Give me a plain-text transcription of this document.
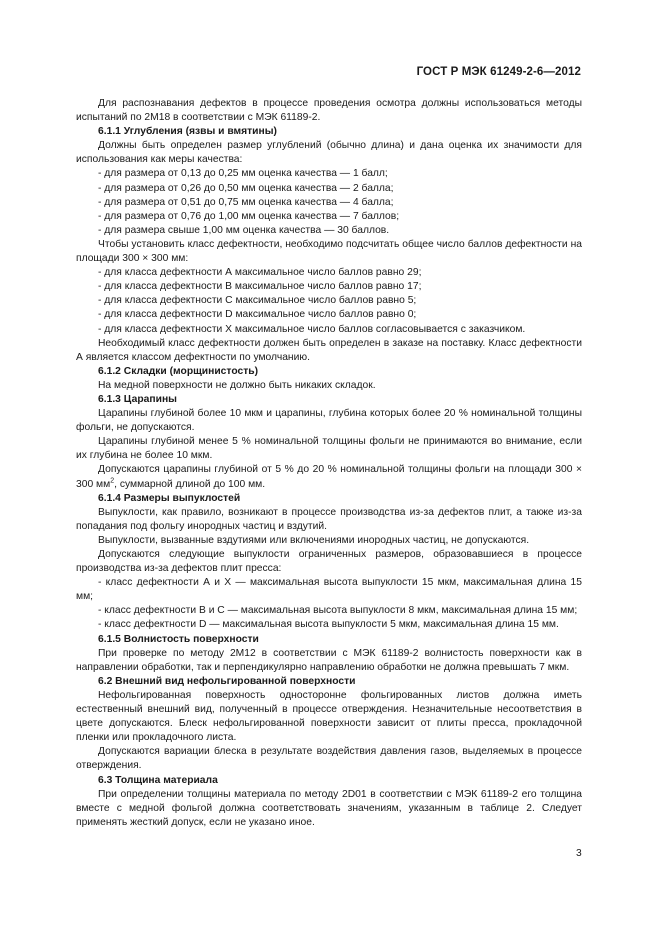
ГОСТ Р МЭК 61249-2-6—2012

Для распознавания дефектов в процессе проведения осмотра должны использоваться методы испытаний по 2М18 в соответствии с МЭК 61189-2.

6.1.1 Углубления (язвы и вмятины)

Должны быть определен размер углублений (обычно длина) и дана оценка их значимости для использования как меры качества:

- для размера от 0,13 до 0,25 мм оценка качества — 1 балл;

- для размера от 0,26 до 0,50 мм оценка качества — 2 балла;

- для размера от 0,51 до 0,75 мм оценка качества — 4 балла;

- для размера от 0,76 до 1,00 мм оценка качества — 7 баллов;

- для размера свыше 1,00 мм оценка качества — 30 баллов.

Чтобы установить класс дефектности, необходимо подсчитать общее число баллов дефектности на площади 300 × 300 мм:

- для класса дефектности А максимальное число баллов равно 29;

- для класса дефектности В максимальное число баллов равно 17;

- для класса дефектности С максимальное число баллов равно 5;

- для класса дефектности D максимальное число баллов равно 0;

- для класса дефектности X максимальное число баллов согласовывается с заказчиком.

Необходимый класс дефектности должен быть определен в заказе на поставку. Класс дефектности А является классом дефектности по умолчанию.

6.1.2 Складки (морщинистость)

На медной поверхности не должно быть никаких складок.

6.1.3 Царапины

Царапины глубиной более 10 мкм и царапины, глубина которых более 20 % номинальной толщины фольги, не допускаются.

Царапины глубиной менее 5 % номинальной толщины фольги не принимаются во внимание, если их глубина не более 10 мкм.

Допускаются царапины глубиной от 5 % до 20 % номинальной толщины фольги на площади 300 × 300 $мм^2$, суммарной длиной до 100 мм.

6.1.4 Размеры выпуклостей

Выпуклости, как правило, возникают в процессе производства из-за дефектов плит, а также из-за попадания под фольгу инородных частиц и вздутий.

Выпуклости, вызванные вздутиями или включениями инородных частиц, не допускаются.

Допускаются следующие выпуклости ограниченных размеров, образовавшиеся в процессе производства из-за дефектов плит пресса:

- класс дефектности А и X — максимальная высота выпуклости 15 мкм, максимальная длина 15 мм;

- класс дефектности В и С — максимальная высота выпуклости 8 мкм, максимальная длина 15 мм;

- класс дефектности D — максимальная высота выпуклости 5 мкм, максимальная длина 15 мм.

6.1.5 Волнистость поверхности

При проверке по методу 2М12 в соответствии с МЭК 61189-2 волнистость поверхности как в направлении обработки, так и перпендикулярно направлению обработки не должна превышать 7 мкм.

6.2 Внешний вид нефольгированной поверхности

Нефольгированная поверхность односторонне фольгированных листов должна иметь естественный внешний вид, полученный в процессе отверждения. Незначительные несоответствия в цвете допускаются. Блеск нефольгированной поверхности зависит от плиты пресса, прокладочной пленки или прокладочного листа.

Допускаются вариации блеска в результате воздействия давления газов, выделяемых в процессе отверждения.

6.3 Толщина материала

При определении толщины материала по методу 2D01 в соответствии с МЭК 61189-2 его толщина вместе с медной фольгой должна соответствовать значениям, указанным в таблице 2. Следует применять жесткий допуск, если не указано иное.

3
